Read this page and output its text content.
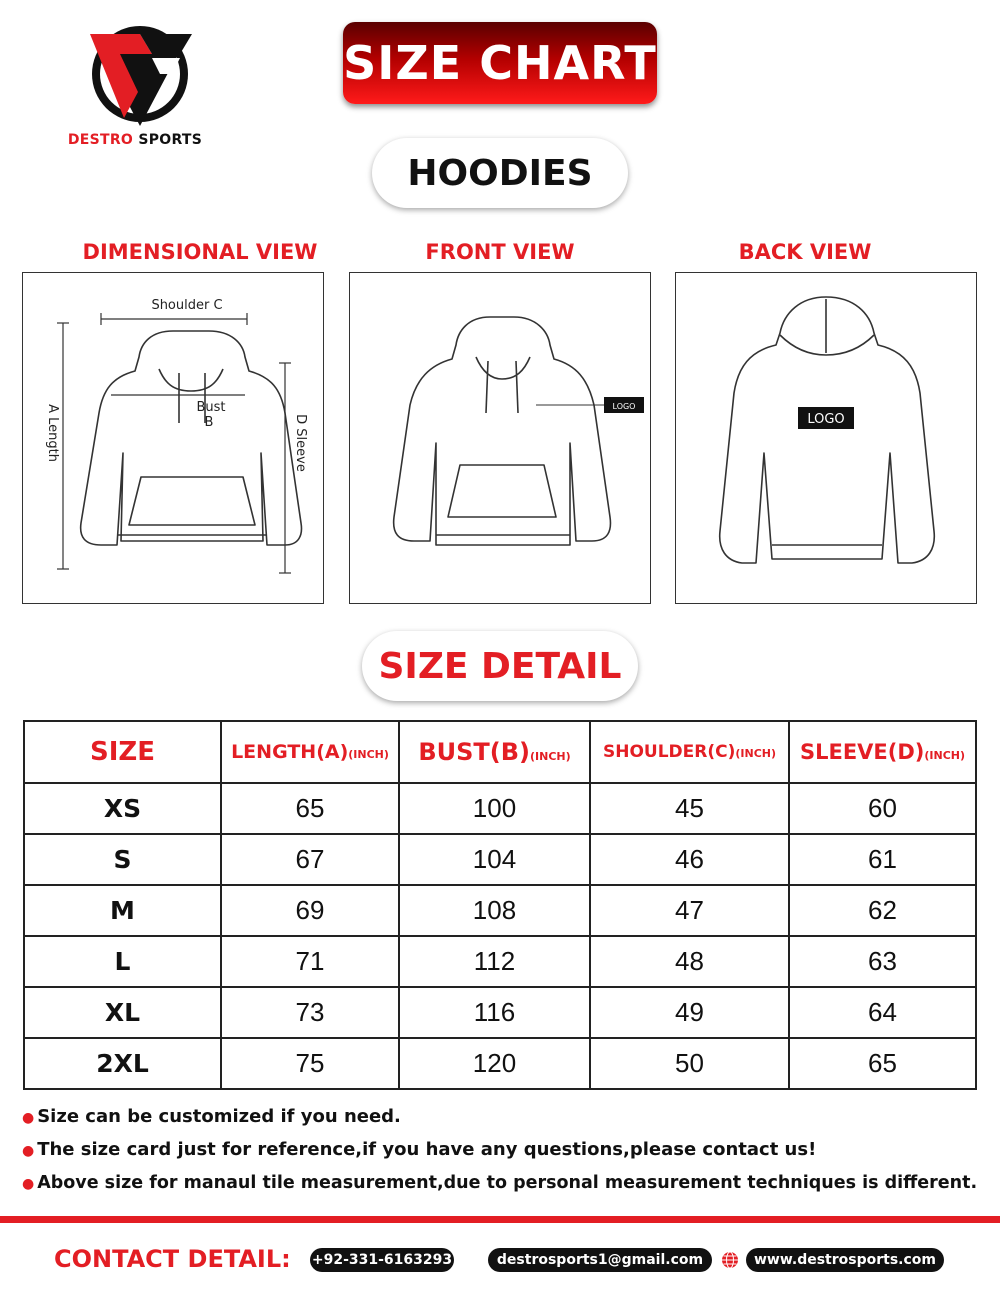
DESTRO SPORTS
SIZE CHART
HOODIES
DIMENSIONAL VIEW	FRONT VIEW	BACK VIEW
Shoulder C
Bust
B
A Length	D Sleeve
LOGO
LOGO
SIZE DETAIL
SIZE	LENGTH(A)(INCH)	BUST(B)(INCH)	SHOULDER(C)(INCH)	SLEEVE(D)(INCH)
XS	65	100	45	60
S	67	104	46	61
M	69	108	47	62
L	71	112	48	63
XL	73	116	49	64
2XL	75	120	50	65
● Size can be customized if you need.
● The size card just for reference,if you have any questions,please contact us!
● Above size for manaul tile measurement,due to personal measurement techniques is different.
CONTACT DETAIL: +92-331-6163293	destrosports1@gmail.com	www.destrosports.com
